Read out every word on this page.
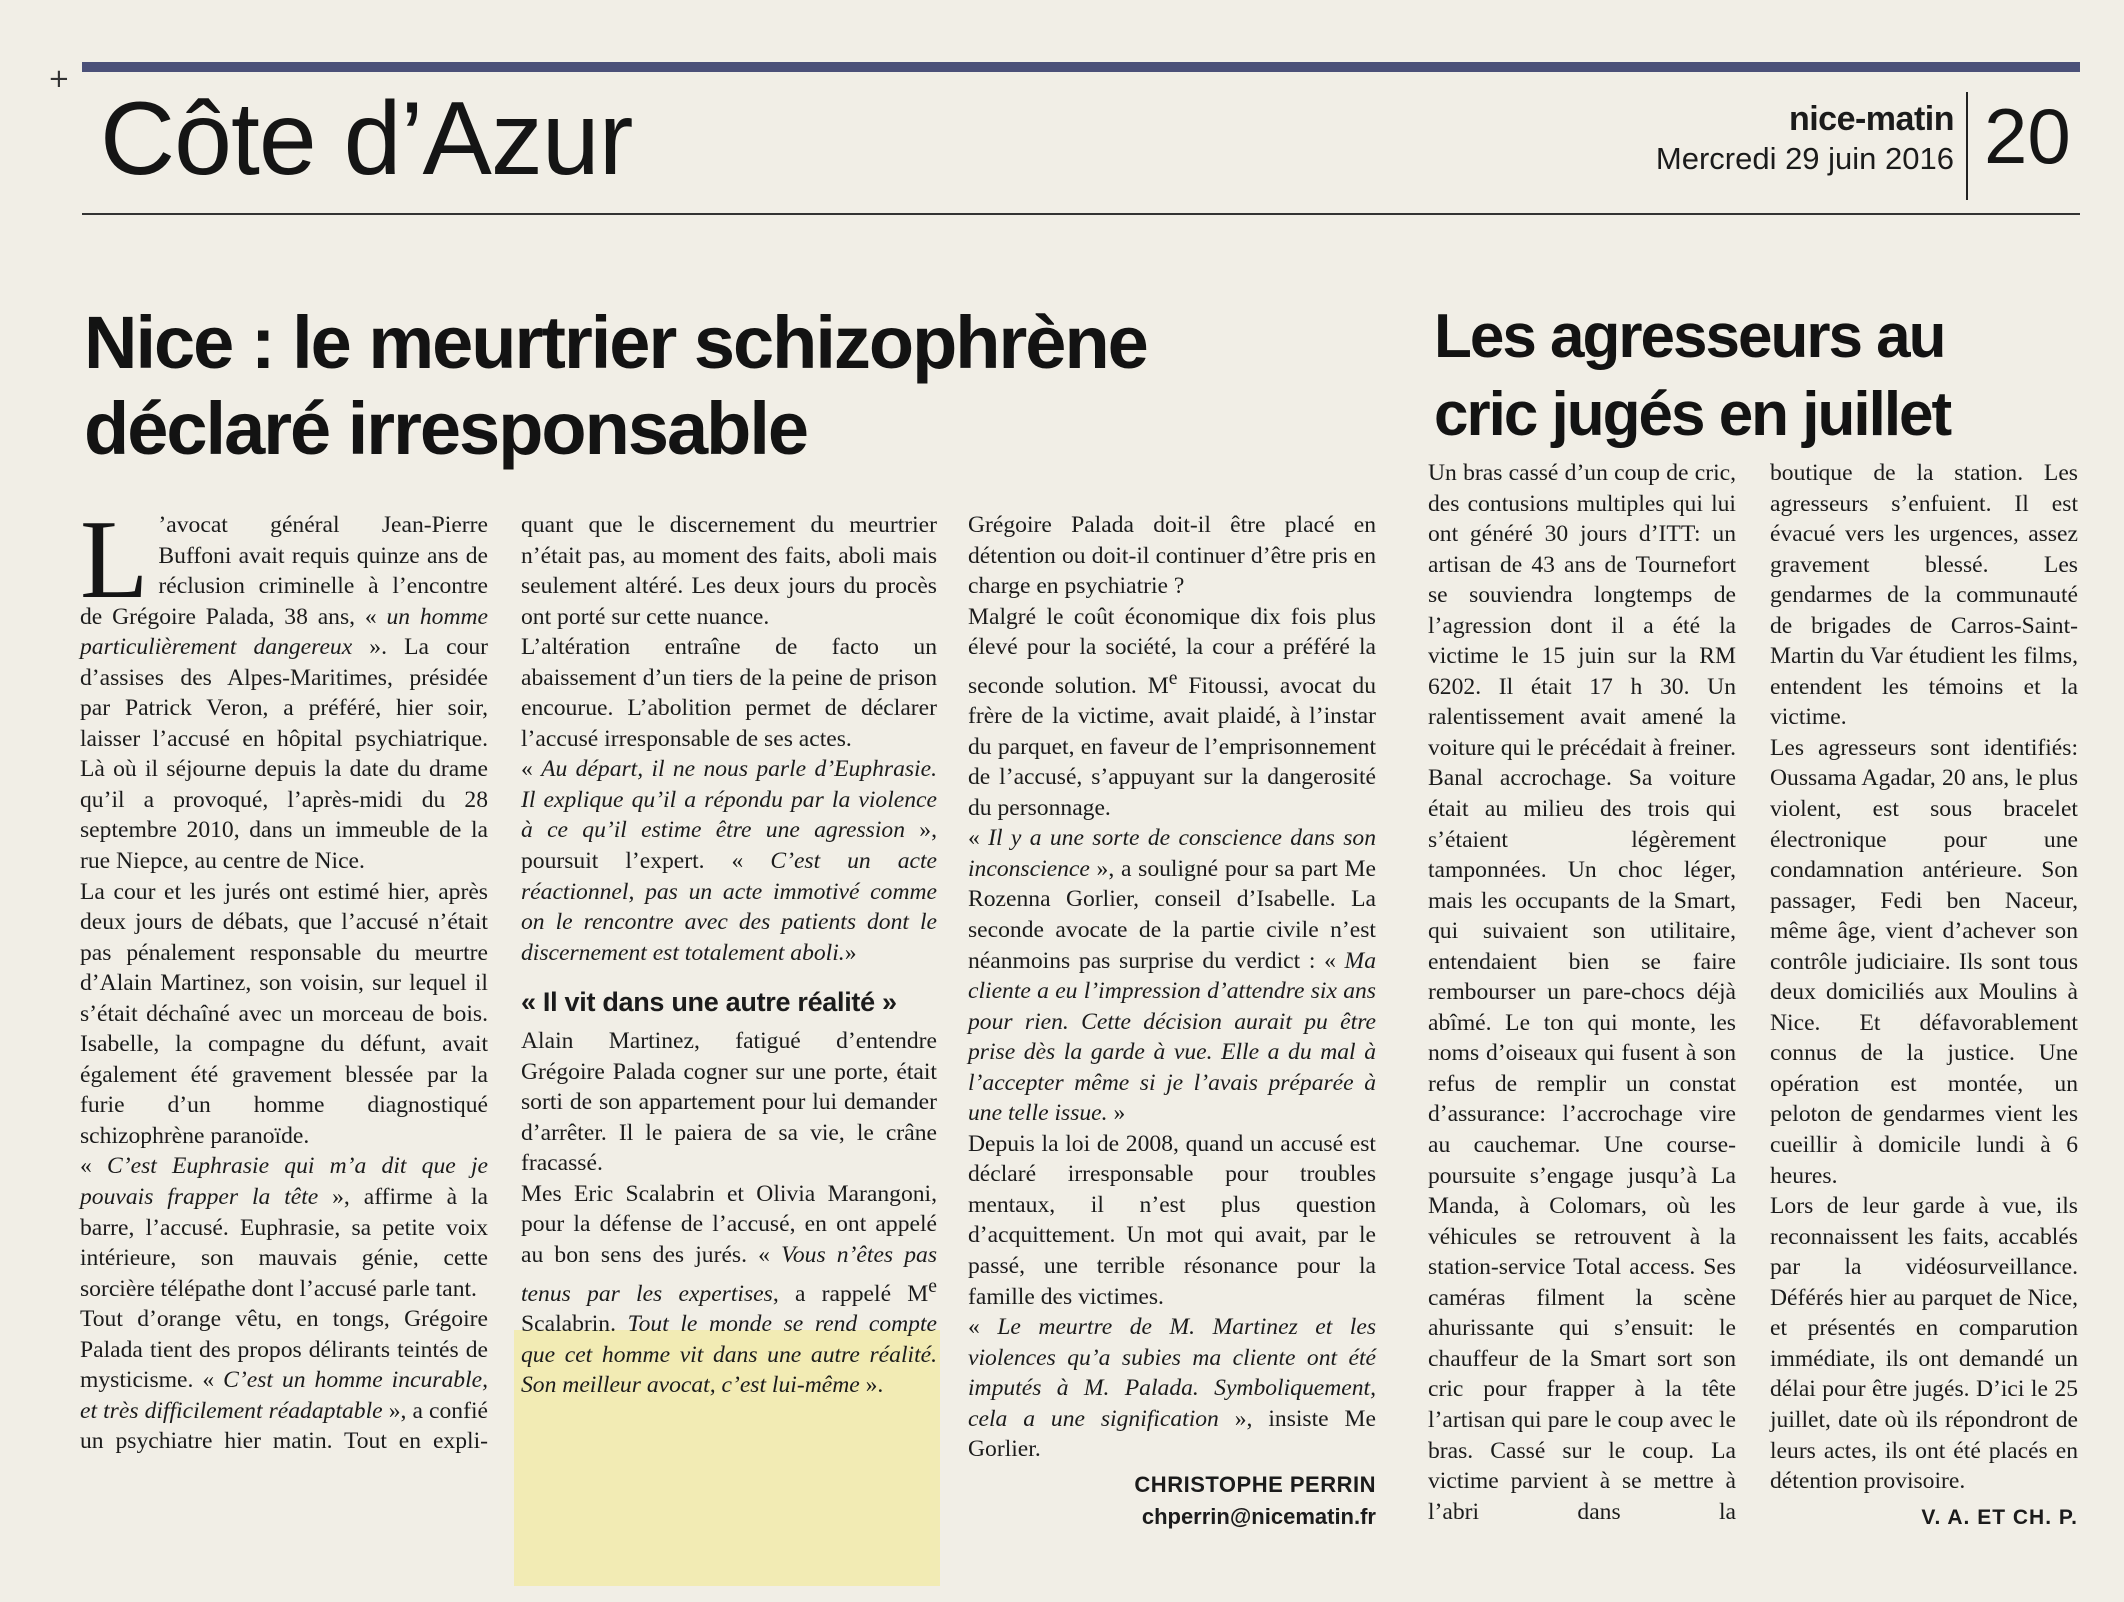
+
Côte d’Azur	nice-matin
Mercredi 29 juin 2016 20
Nice : le meurtrier schizophrène
déclaré irresponsable
Les agresseurs au
cric jugés en juillet
L ’avocat général Jean-Pierre Buffoni avait requis quinze ans de réclusion criminelle à l’encontre de Grégoire Palada, 38 ans, « un homme particulièrement dangereux ». La cour d’assises des Alpes-Maritimes, présidée par Patrick Veron, a préféré, hier soir, laisser l’accusé en hôpital psychiatrique. Là où il séjourne depuis la date du drame qu’il a provoqué, l’après-midi du 28 septembre 2010, dans un immeuble de la rue Niepce, au centre de Nice.

La cour et les jurés ont estimé hier, après deux jours de débats, que l’accusé n’était pas pénalement responsable du meurtre d’Alain Martinez, son voisin, sur lequel il s’était déchaîné avec un morceau de bois. Isabelle, la compagne du défunt, avait également été gravement blessée par la furie d’un homme diagnostiqué schizophrène paranoïde.

« C’est Euphrasie qui m’a dit que je pouvais frapper la tête », affirme à la barre, l’accusé. Euphrasie, sa petite voix intérieure, son mauvais génie, cette sorcière télépathe dont l’accusé parle tant.

Tout d’orange vêtu, en tongs, Grégoire Palada tient des propos délirants teintés de mysticisme. « C’est un homme incurable, et très difficilement réadaptable », a confié un psychiatre hier matin. Tout en expli-

quant que le discernement du meurtrier n’était pas, au moment des faits, aboli mais seulement altéré. Les deux jours du procès ont porté sur cette nuance.

L’altération entraîne de facto un abaissement d’un tiers de la peine de prison encourue. L’abolition permet de déclarer l’accusé irresponsable de ses actes.

« Au départ, il ne nous parle d’Euphrasie. Il explique qu’il a répondu par la violence à ce qu’il estime être une agression », poursuit l’expert. « C’est un acte réactionnel, pas un acte immotivé comme on le rencontre avec des patients dont le discernement est totalement aboli.»

« Il vit dans une autre réalité »

Alain Martinez, fatigué d’entendre Grégoire Palada cogner sur une porte, était sorti de son appartement pour lui demander d’arrêter. Il le paiera de sa vie, le crâne fracassé.

Mes Eric Scalabrin et Olivia Marangoni, pour la défense de l’accusé, en ont appelé au bon sens des jurés. « Vous n’êtes pas tenus par les expertises, a rappelé Me Scalabrin. Tout le monde se rend compte que cet homme vit dans une autre réalité. Son meilleur avocat, c’est lui-même ».

Grégoire Palada doit-il être placé en détention ou doit-il continuer d’être pris en charge en psychiatrie ?

Malgré le coût économique dix fois plus élevé pour la société, la cour a préféré la seconde solution. Me Fitoussi, avocat du frère de la victime, avait plaidé, à l’instar du parquet, en faveur de l’emprisonnement de l’accusé, s’appuyant sur la dangerosité du personnage.

« Il y a une sorte de conscience dans son inconscience », a souligné pour sa part Me Rozenna Gorlier, conseil d’Isabelle. La seconde avocate de la partie civile n’est néanmoins pas surprise du verdict : « Ma cliente a eu l’impression d’attendre six ans pour rien. Cette décision aurait pu être prise dès la garde à vue. Elle a du mal à l’accepter même si je l’avais préparée à une telle issue. »

Depuis la loi de 2008, quand un accusé est déclaré irresponsable pour troubles mentaux, il n’est plus question d’acquittement. Un mot qui avait, par le passé, une terrible résonance pour la famille des victimes.

« Le meurtre de M. Martinez et les violences qu’a subies ma cliente ont été imputés à M. Palada. Symboliquement, cela a une signification », insiste Me Gorlier.

CHRISTOPHE PERRIN
chperrin@nicematin.fr

Un bras cassé d’un coup de cric, des contusions multiples qui lui ont généré 30 jours d’ITT: un artisan de 43 ans de Tournefort se souviendra longtemps de l’agression dont il a été la victime le 15 juin sur la RM 6202. Il était 17 h 30. Un ralentissement avait amené la voiture qui le précédait à freiner. Banal accrochage. Sa voiture était au milieu des trois qui s’étaient légèrement tamponnées. Un choc léger, mais les occupants de la Smart, qui suivaient son utilitaire, entendaient bien se faire rembourser un pare-chocs déjà abîmé. Le ton qui monte, les noms d’oiseaux qui fusent à son refus de remplir un constat d’assurance: l’accrochage vire au cauchemar. Une course-poursuite s’engage jusqu’à La Manda, à Colomars, où les véhicules se retrouvent à la station-service Total access. Ses caméras filment la scène ahurissante qui s’ensuit: le chauffeur de la Smart sort son cric pour frapper à la tête l’artisan qui pare le coup avec le bras. Cassé sur le coup. La victime parvient à se mettre à l’abri dans la

boutique de la station. Les agresseurs s’enfuient. Il est évacué vers les urgences, assez gravement blessé. Les gendarmes de la communauté de brigades de Carros-Saint-Martin du Var étudient les films, entendent les témoins et la victime.

Les agresseurs sont identifiés: Oussama Agadar, 20 ans, le plus violent, est sous bracelet électronique pour une condamnation antérieure. Son passager, Fedi ben Naceur, même âge, vient d’achever son contrôle judiciaire. Ils sont tous deux domiciliés aux Moulins à Nice. Et défavorablement connus de la justice. Une opération est montée, un peloton de gendarmes vient les cueillir à domicile lundi à 6 heures.

Lors de leur garde à vue, ils reconnaissent les faits, accablés par la vidéosurveillance. Déférés hier au parquet de Nice, et présentés en comparution immédiate, ils ont demandé un délai pour être jugés. D’ici le 25 juillet, date où ils répondront de leurs actes, ils ont été placés en détention provisoire.

V. A. ET CH. P.
